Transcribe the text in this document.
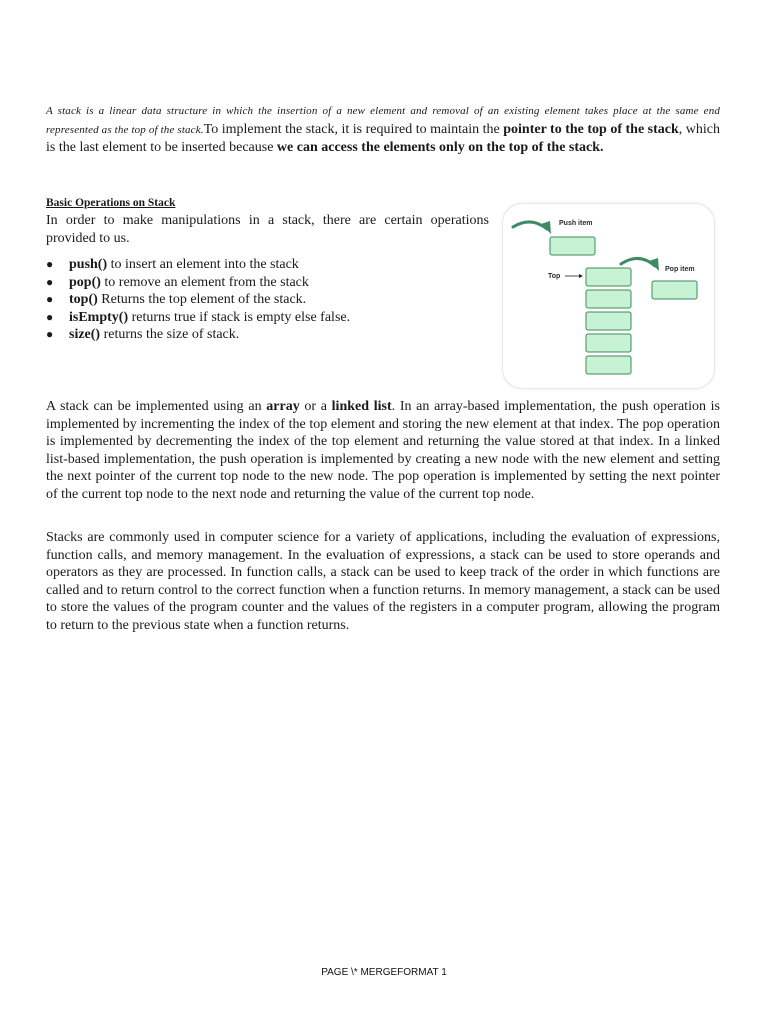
A stack is a linear data structure in which the insertion of a new element and removal of an existing element takes place at the same end represented as the top of the stack.To implement the stack, it is required to maintain the pointer to the top of the stack, which is the last element to be inserted because we can access the elements only on the top of the stack.

Basic Operations on Stack

In order to make manipulations in a stack, there are certain operations provided to us.

● push() to insert an element into the stack
● pop() to remove an element from the stack
● top() Returns the top element of the stack.
● isEmpty() returns true if stack is empty else false.
● size() returns the size of stack.
Push item
Top
Pop item

A stack can be implemented using an array or a linked list. In an array-based implementation, the push operation is implemented by incrementing the index of the top element and storing the new element at that index. The pop operation is implemented by decrementing the index of the top element and returning the value stored at that index. In a linked list-based implementation, the push operation is implemented by creating a new node with the new element and setting the next pointer of the current top node to the new node. The pop operation is implemented by setting the next pointer of the current top node to the next node and returning the value of the current top node.

Stacks are commonly used in computer science for a variety of applications, including the evaluation of expressions, function calls, and memory management. In the evaluation of expressions, a stack can be used to store operands and operators as they are processed. In function calls, a stack can be used to keep track of the order in which functions are called and to return control to the correct function when a function returns. In memory management, a stack can be used to store the values of the program counter and the values of the registers in a computer program, allowing the program to return to the previous state when a function returns.

PAGE \* MERGEFORMAT 1
